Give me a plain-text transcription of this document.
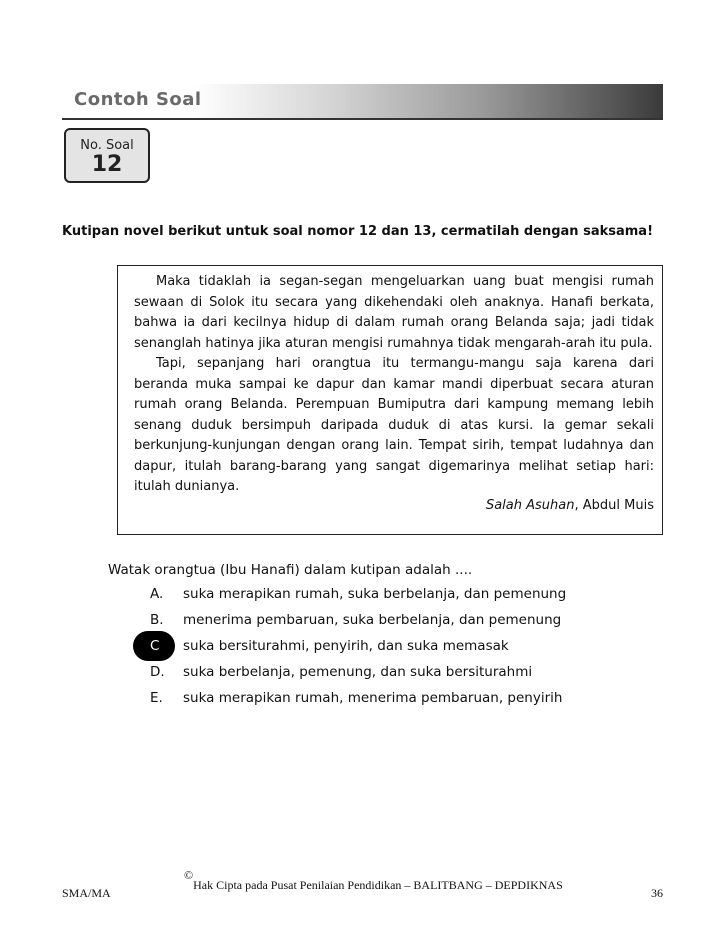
Contoh Soal
No. Soal
12
Kutipan novel berikut untuk soal nomor 12 dan 13, cermatilah dengan saksama!

Maka tidaklah ia segan-segan mengeluarkan uang buat mengisi rumah sewaan di Solok itu secara yang dikehendaki oleh anaknya. Hanafi berkata, bahwa ia dari kecilnya hidup di dalam rumah orang Belanda saja; jadi tidak senanglah hatinya jika aturan mengisi rumahnya tidak mengarah-arah itu pula.

Tapi, sepanjang hari orangtua itu termangu-mangu saja karena dari beranda muka sampai ke dapur dan kamar mandi diperbuat secara aturan rumah orang Belanda. Perempuan Bumiputra dari kampung memang lebih senang duduk bersimpuh daripada duduk di atas kursi. Ia gemar sekali berkunjung-kunjungan dengan orang lain. Tempat sirih, tempat ludahnya dan dapur, itulah barang-barang yang sangat digemarinya melihat setiap hari: itulah dunianya.

Salah Asuhan, Abdul Muis
Watak orangtua (Ibu Hanafi) dalam kutipan adalah ....
A. suka merapikan rumah, suka berbelanja, dan pemenung
B. menerima pembaruan, suka berbelanja, dan pemenung
C suka bersiturahmi, penyirih, dan suka memasak
D. suka berbelanja, pemenung, dan suka bersiturahmi
E. suka merapikan rumah, menerima pembaruan, penyirih
SMA/MA
©Hak Cipta pada Pusat Penilaian Pendidikan – BALITBANG – DEPDIKNAS
36
